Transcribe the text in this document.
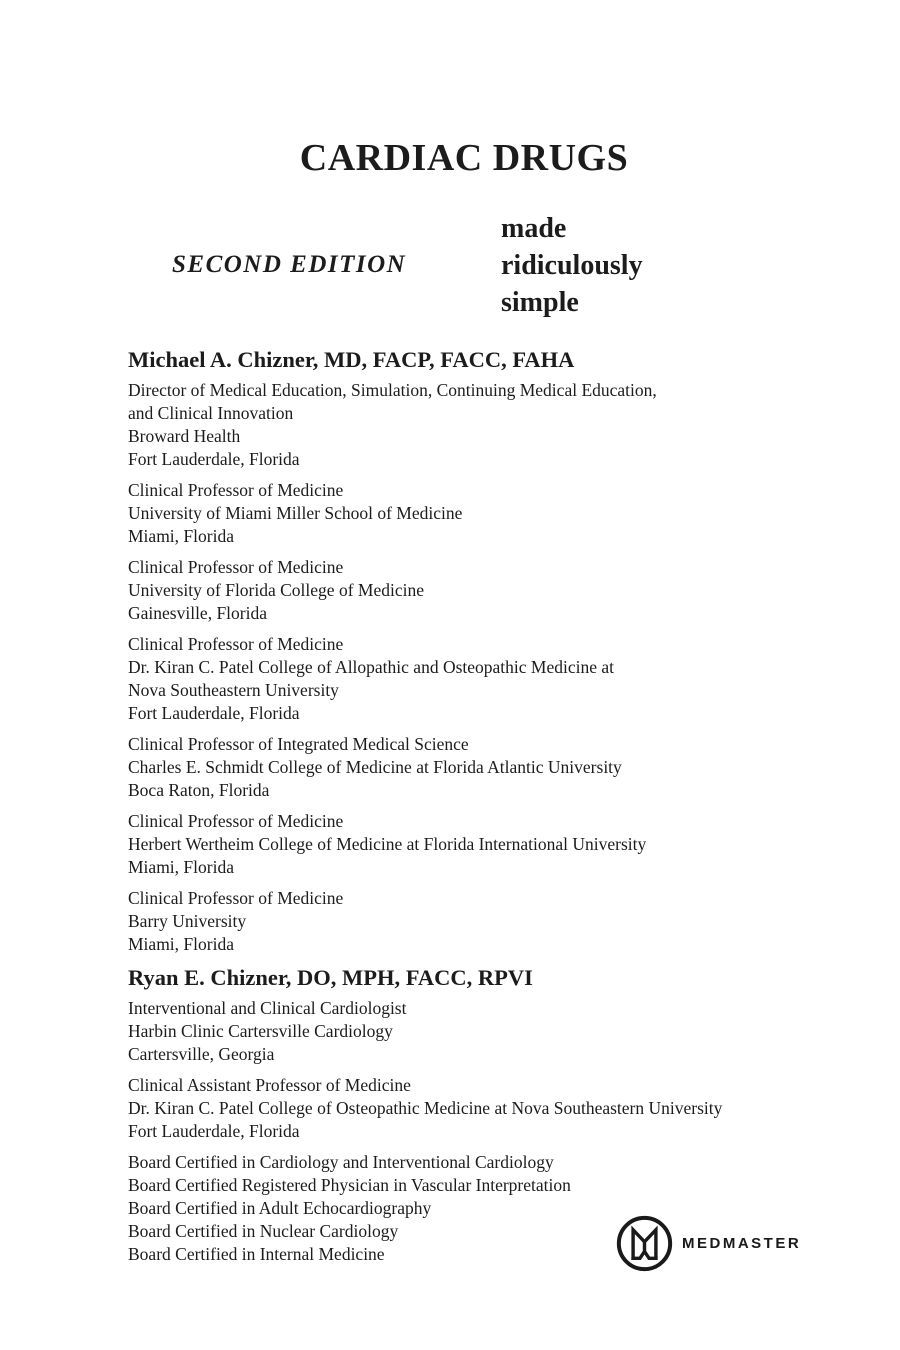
CARDIAC DRUGS
SECOND EDITION
made
ridiculously
simple
Michael A. Chizner, MD, FACP, FACC, FAHA

Director of Medical Education, Simulation, Continuing Medical Education,
and Clinical Innovation
Broward Health
Fort Lauderdale, Florida

Clinical Professor of Medicine
University of Miami Miller School of Medicine
Miami, Florida

Clinical Professor of Medicine
University of Florida College of Medicine
Gainesville, Florida

Clinical Professor of Medicine
Dr. Kiran C. Patel College of Allopathic and Osteopathic Medicine at
Nova Southeastern University
Fort Lauderdale, Florida

Clinical Professor of Integrated Medical Science
Charles E. Schmidt College of Medicine at Florida Atlantic University
Boca Raton, Florida

Clinical Professor of Medicine
Herbert Wertheim College of Medicine at Florida International University
Miami, Florida

Clinical Professor of Medicine
Barry University
Miami, Florida

Ryan E. Chizner, DO, MPH, FACC, RPVI

Interventional and Clinical Cardiologist
Harbin Clinic Cartersville Cardiology
Cartersville, Georgia

Clinical Assistant Professor of Medicine
Dr. Kiran C. Patel College of Osteopathic Medicine at Nova Southeastern University
Fort Lauderdale, Florida

Board Certified in Cardiology and Interventional Cardiology
Board Certified Registered Physician in Vascular Interpretation
Board Certified in Adult Echocardiography
Board Certified in Nuclear Cardiology
Board Certified in Internal Medicine

MEDMASTER
